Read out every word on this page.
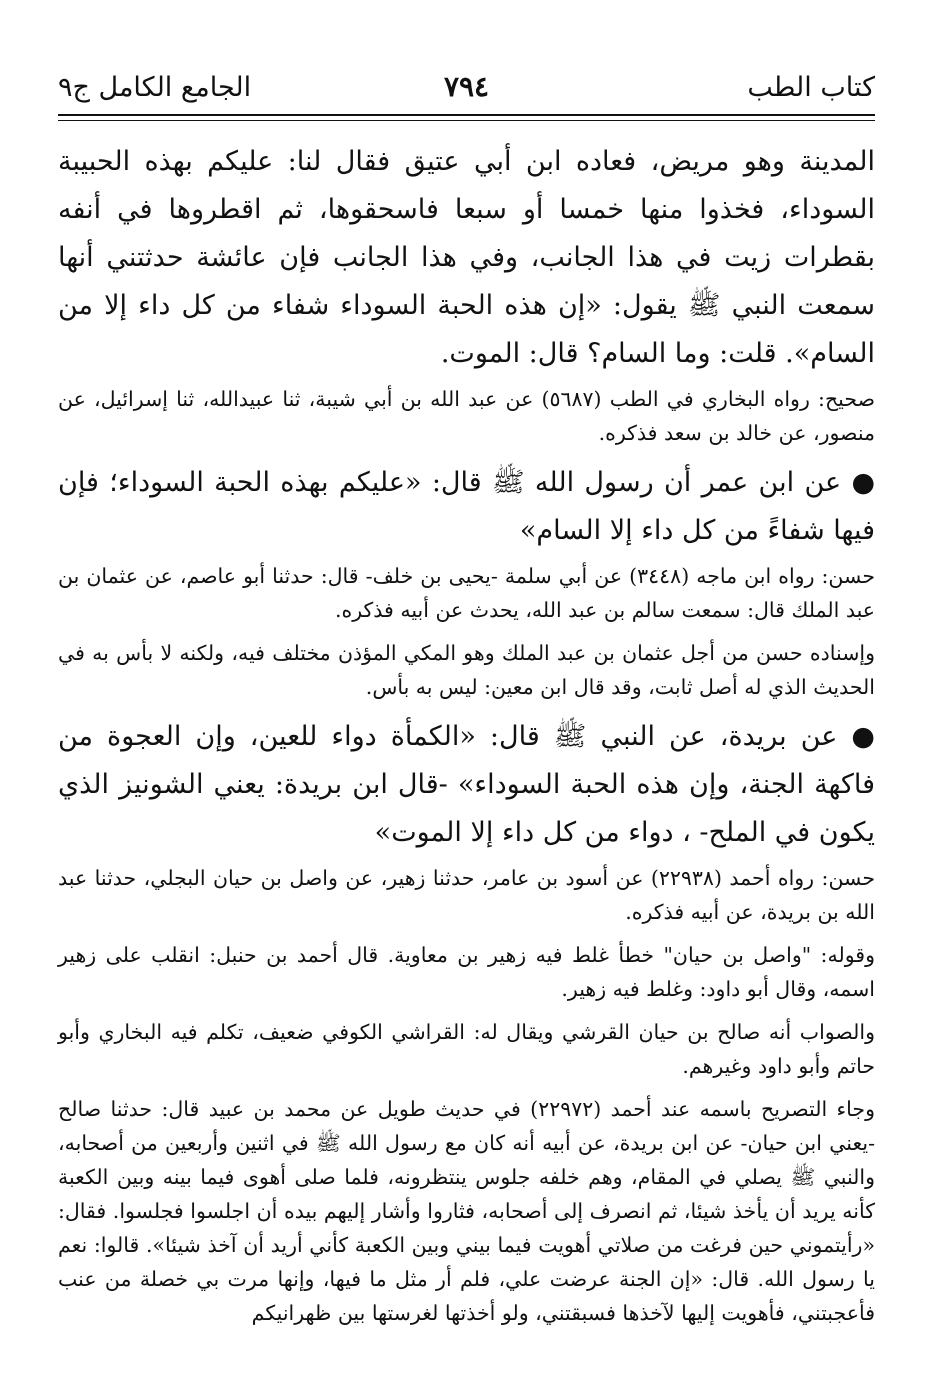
كتاب الطب
٧٩٤
الجامع الكامل ج٩

المدينة وهو مريض، فعاده ابن أبي عتيق فقال لنا: عليكم بهذه الحبيبة السوداء، فخذوا منها خمسا أو سبعا فاسحقوها، ثم اقطروها في أنفه بقطرات زيت في هذا الجانب، وفي هذا الجانب فإن عائشة حدثتني أنها سمعت النبي ﷺ يقول: «إن هذه الحبة السوداء شفاء من كل داء إلا من السام». قلت: وما السام؟ قال: الموت.

صحيح: رواه البخاري في الطب (٥٦٨٧) عن عبد الله بن أبي شيبة، ثنا عبيدالله، ثنا إسرائيل، عن منصور، عن خالد بن سعد فذكره.

● عن ابن عمر أن رسول الله ﷺ قال: «عليكم بهذه الحبة السوداء؛ فإن فيها شفاءً من كل داء إلا السام»

حسن: رواه ابن ماجه (٣٤٤٨) عن أبي سلمة -يحيى بن خلف- قال: حدثنا أبو عاصم، عن عثمان بن عبد الملك قال: سمعت سالم بن عبد الله، يحدث عن أبيه فذكره.

وإسناده حسن من أجل عثمان بن عبد الملك وهو المكي المؤذن مختلف فيه، ولكنه لا بأس به في الحديث الذي له أصل ثابت، وقد قال ابن معين: ليس به بأس.

● عن بريدة، عن النبي ﷺ قال: «الكمأة دواء للعين، وإن العجوة من فاكهة الجنة، وإن هذه الحبة السوداء» -قال ابن بريدة: يعني الشونيز الذي يكون في الملح- ، دواء من كل داء إلا الموت»

حسن: رواه أحمد (٢٢٩٣٨) عن أسود بن عامر، حدثنا زهير، عن واصل بن حيان البجلي، حدثنا عبد الله بن بريدة، عن أبيه فذكره.

وقوله: "واصل بن حيان" خطأ غلط فيه زهير بن معاوية. قال أحمد بن حنبل: انقلب على زهير اسمه، وقال أبو داود: وغلط فيه زهير.

والصواب أنه صالح بن حيان القرشي ويقال له: القراشي الكوفي ضعيف، تكلم فيه البخاري وأبو حاتم وأبو داود وغيرهم.

وجاء التصريح باسمه عند أحمد (٢٢٩٧٢) في حديث طويل عن محمد بن عبيد قال: حدثنا صالح -يعني ابن حيان- عن ابن بريدة، عن أبيه أنه كان مع رسول الله ﷺ في اثنين وأربعين من أصحابه، والنبي ﷺ يصلي في المقام، وهم خلفه جلوس ينتظرونه، فلما صلى أهوى فيما بينه وبين الكعبة كأنه يريد أن يأخذ شيئا، ثم انصرف إلى أصحابه، فثاروا وأشار إليهم بيده أن اجلسوا فجلسوا. فقال: «رأيتموني حين فرغت من صلاتي أهويت فيما بيني وبين الكعبة كأني أريد أن آخذ شيئا». قالوا: نعم يا رسول الله. قال: «إن الجنة عرضت علي، فلم أر مثل ما فيها، وإنها مرت بي خصلة من عنب فأعجبتني، فأهويت إليها لآخذها فسبقتني، ولو أخذتها لغرستها بين ظهرانيكم
